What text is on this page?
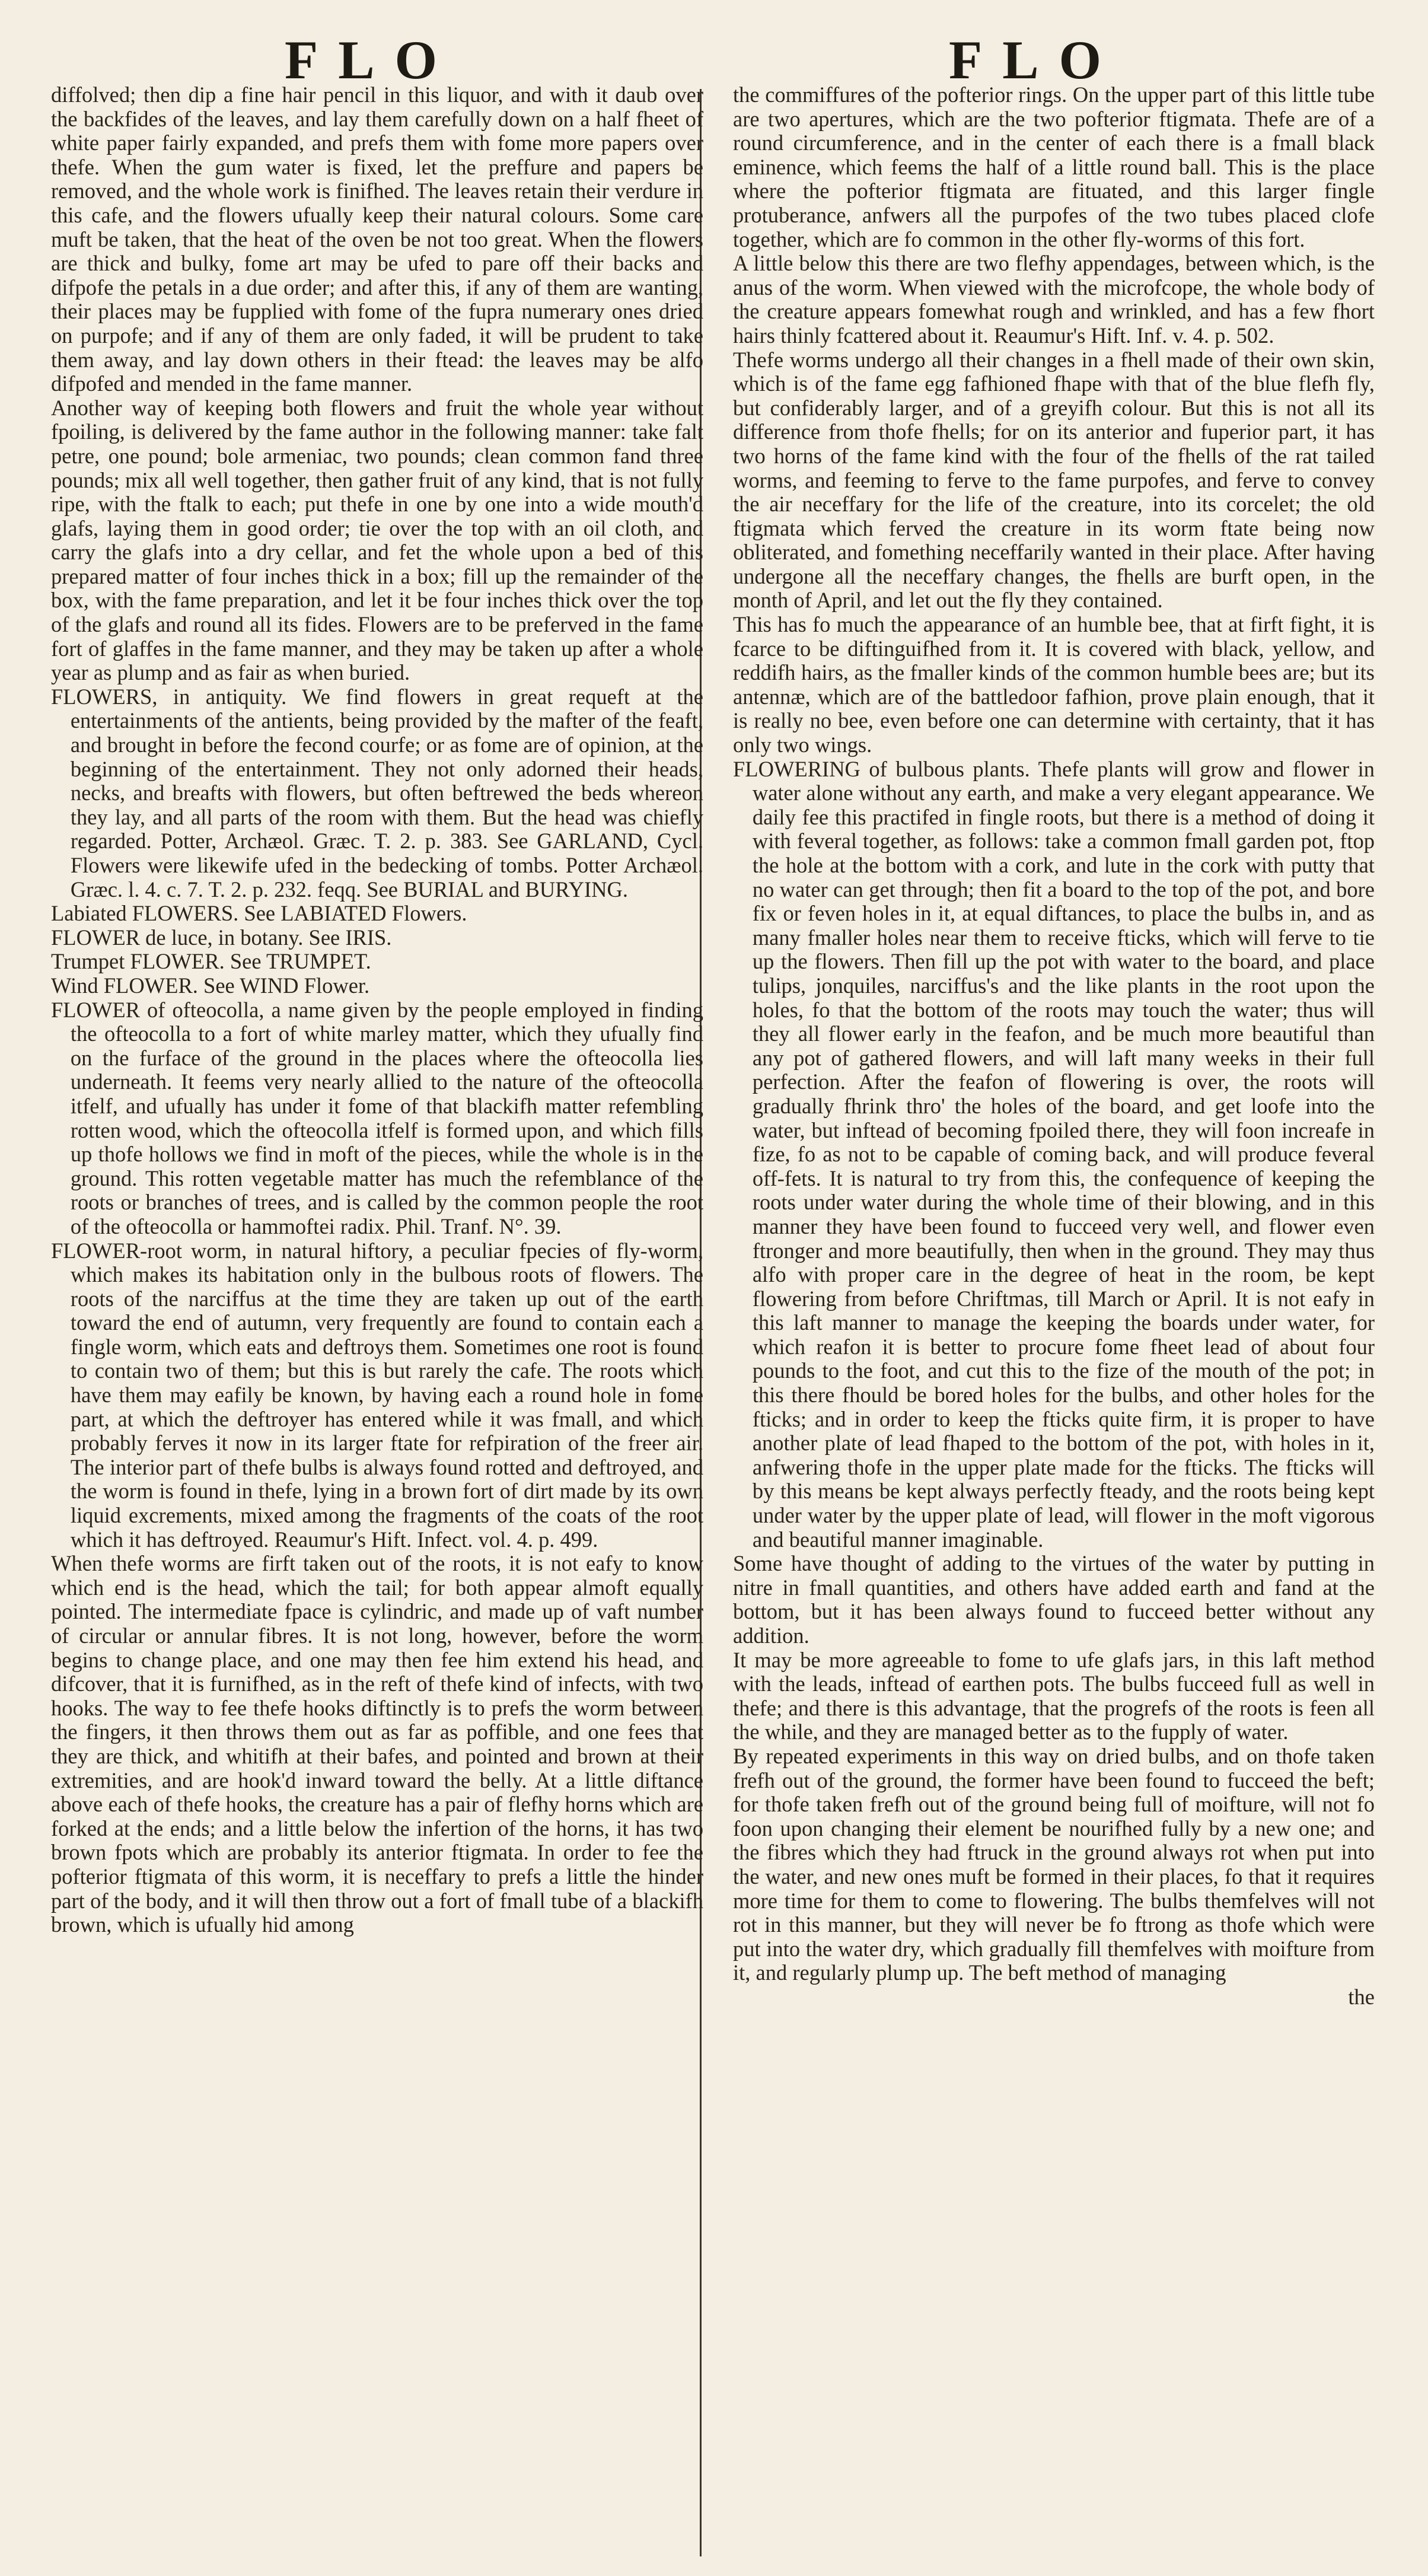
FLO	FLO

diffolved; then dip a fine hair pencil in this liquor, and with it daub over the backfides of the leaves, and lay them carefully down on a half fheet of white paper fairly expanded, and prefs them with fome more papers over thefe. When the gum water is fixed, let the preffure and papers be removed, and the whole work is finifhed. The leaves retain their verdure in this cafe, and the flowers ufually keep their natural colours. Some care muft be taken, that the heat of the oven be not too great. When the flowers are thick and bulky, fome art may be ufed to pare off their backs and difpofe the petals in a due order; and after this, if any of them are wanting, their places may be fupplied with fome of the fupra numerary ones dried on purpofe; and if any of them are only faded, it will be prudent to take them away, and lay down others in their ftead: the leaves may be alfo difpofed and mended in the fame manner.

Another way of keeping both flowers and fruit the whole year without fpoiling, is delivered by the fame author in the following manner: take falt petre, one pound; bole armeniac, two pounds; clean common fand three pounds; mix all well together, then gather fruit of any kind, that is not fully ripe, with the ftalk to each; put thefe in one by one into a wide mouth'd glafs, laying them in good order; tie over the top with an oil cloth, and carry the glafs into a dry cellar, and fet the whole upon a bed of this prepared matter of four inches thick in a box; fill up the remainder of the box, with the fame preparation, and let it be four inches thick over the top of the glafs and round all its fides. Flowers are to be preferved in the fame fort of glaffes in the fame manner, and they may be taken up after a whole year as plump and as fair as when buried.

FLOWERS, in antiquity. We find flowers in great requeft at the entertainments of the antients, being provided by the mafter of the feaft, and brought in before the fecond courfe; or as fome are of opinion, at the beginning of the entertainment. They not only adorned their heads, necks, and breafts with flowers, but often beftrewed the beds whereon they lay, and all parts of the room with them. But the head was chiefly regarded. Potter, Archæol. Græc. T. 2. p. 383. See GARLAND, Cycl. Flowers were likewife ufed in the bedecking of tombs. Potter Archæol. Græc. l. 4. c. 7. T. 2. p. 232. feqq. See BURIAL and BURYING.

Labiated FLOWERS. See LABIATED Flowers.

FLOWER de luce, in botany. See IRIS.

Trumpet FLOWER. See TRUMPET.

Wind FLOWER. See WIND Flower.

FLOWER of ofteocolla, a name given by the people employed in finding the ofteocolla to a fort of white marley matter, which they ufually find on the furface of the ground in the places where the ofteocolla lies underneath. It feems very nearly allied to the nature of the ofteocolla itfelf, and ufually has under it fome of that blackifh matter refembling rotten wood, which the ofteocolla itfelf is formed upon, and which fills up thofe hollows we find in moft of the pieces, while the whole is in the ground. This rotten vegetable matter has much the refemblance of the roots or branches of trees, and is called by the common people the root of the ofteocolla or hammoftei radix. Phil. Tranf. N°. 39.

FLOWER-root worm, in natural hiftory, a peculiar fpecies of fly-worm, which makes its habitation only in the bulbous roots of flowers. The roots of the narciffus at the time they are taken up out of the earth toward the end of autumn, very frequently are found to contain each a fingle worm, which eats and deftroys them. Sometimes one root is found to contain two of them; but this is but rarely the cafe. The roots which have them may eafily be known, by having each a round hole in fome part, at which the deftroyer has entered while it was fmall, and which probably ferves it now in its larger ftate for refpiration of the freer air. The interior part of thefe bulbs is always found rotted and deftroyed, and the worm is found in thefe, lying in a brown fort of dirt made by its own liquid excrements, mixed among the fragments of the coats of the root which it has deftroyed. Reaumur's Hift. Infect. vol. 4. p. 499.

When thefe worms are firft taken out of the roots, it is not eafy to know which end is the head, which the tail; for both appear almoft equally pointed. The intermediate fpace is cylindric, and made up of vaft number of circular or annular fibres. It is not long, however, before the worm begins to change place, and one may then fee him extend his head, and difcover, that it is furnifhed, as in the reft of thefe kind of infects, with two hooks. The way to fee thefe hooks diftinctly is to prefs the worm between the fingers, it then throws them out as far as poffible, and one fees that they are thick, and whitifh at their bafes, and pointed and brown at their extremities, and are hook'd inward toward the belly. At a little diftance above each of thefe hooks, the creature has a pair of flefhy horns which are forked at the ends; and a little below the infertion of the horns, it has two brown fpots which are probably its anterior ftigmata. In order to fee the pofterior ftigmata of this worm, it is neceffary to prefs a little the hinder part of the body, and it will then throw out a fort of fmall tube of a blackifh brown, which is ufually hid among

the commiffures of the pofterior rings. On the upper part of this little tube are two apertures, which are the two pofterior ftigmata. Thefe are of a round circumference, and in the center of each there is a fmall black eminence, which feems the half of a little round ball. This is the place where the pofterior ftigmata are fituated, and this larger fingle protuberance, anfwers all the purpofes of the two tubes placed clofe together, which are fo common in the other fly-worms of this fort.

A little below this there are two flefhy appendages, between which, is the anus of the worm. When viewed with the microfcope, the whole body of the creature appears fomewhat rough and wrinkled, and has a few fhort hairs thinly fcattered about it. Reaumur's Hift. Inf. v. 4. p. 502.

Thefe worms undergo all their changes in a fhell made of their own skin, which is of the fame egg fafhioned fhape with that of the blue flefh fly, but confiderably larger, and of a greyifh colour. But this is not all its difference from thofe fhells; for on its anterior and fuperior part, it has two horns of the fame kind with the four of the fhells of the rat tailed worms, and feeming to ferve to the fame purpofes, and ferve to convey the air neceffary for the life of the creature, into its corcelet; the old ftigmata which ferved the creature in its worm ftate being now obliterated, and fomething neceffarily wanted in their place. After having undergone all the neceffary changes, the fhells are burft open, in the month of April, and let out the fly they contained.

This has fo much the appearance of an humble bee, that at firft fight, it is fcarce to be diftinguifhed from it. It is covered with black, yellow, and reddifh hairs, as the fmaller kinds of the common humble bees are; but its antennæ, which are of the battledoor fafhion, prove plain enough, that it is really no bee, even before one can determine with certainty, that it has only two wings.

FLOWERING of bulbous plants. Thefe plants will grow and flower in water alone without any earth, and make a very elegant appearance. We daily fee this practifed in fingle roots, but there is a method of doing it with feveral together, as follows: take a common fmall garden pot, ftop the hole at the bottom with a cork, and lute in the cork with putty that no water can get through; then fit a board to the top of the pot, and bore fix or feven holes in it, at equal diftances, to place the bulbs in, and as many fmaller holes near them to receive fticks, which will ferve to tie up the flowers. Then fill up the pot with water to the board, and place tulips, jonquiles, narciffus's and the like plants in the root upon the holes, fo that the bottom of the roots may touch the water; thus will they all flower early in the feafon, and be much more beautiful than any pot of gathered flowers, and will laft many weeks in their full perfection. After the feafon of flowering is over, the roots will gradually fhrink thro' the holes of the board, and get loofe into the water, but inftead of becoming fpoiled there, they will foon increafe in fize, fo as not to be capable of coming back, and will produce feveral off-fets. It is natural to try from this, the confequence of keeping the roots under water during the whole time of their blowing, and in this manner they have been found to fucceed very well, and flower even ftronger and more beautifully, then when in the ground. They may thus alfo with proper care in the degree of heat in the room, be kept flowering from before Chriftmas, till March or April. It is not eafy in this laft manner to manage the keeping the boards under water, for which reafon it is better to procure fome fheet lead of about four pounds to the foot, and cut this to the fize of the mouth of the pot; in this there fhould be bored holes for the bulbs, and other holes for the fticks; and in order to keep the fticks quite firm, it is proper to have another plate of lead fhaped to the bottom of the pot, with holes in it, anfwering thofe in the upper plate made for the fticks. The fticks will by this means be kept always perfectly fteady, and the roots being kept under water by the upper plate of lead, will flower in the moft vigorous and beautiful manner imaginable.

Some have thought of adding to the virtues of the water by putting in nitre in fmall quantities, and others have added earth and fand at the bottom, but it has been always found to fucceed better without any addition.

It may be more agreeable to fome to ufe glafs jars, in this laft method with the leads, inftead of earthen pots. The bulbs fucceed full as well in thefe; and there is this advantage, that the progrefs of the roots is feen all the while, and they are managed better as to the fupply of water.

By repeated experiments in this way on dried bulbs, and on thofe taken frefh out of the ground, the former have been found to fucceed the beft; for thofe taken frefh out of the ground being full of moifture, will not fo foon upon changing their element be nourifhed fully by a new one; and the fibres which they had ftruck in the ground always rot when put into the water, and new ones muft be formed in their places, fo that it requires more time for them to come to flowering. The bulbs themfelves will not rot in this manner, but they will never be fo ftrong as thofe which were put into the water dry, which gradually fill themfelves with moifture from it, and regularly plump up. The beft method of managing

the
